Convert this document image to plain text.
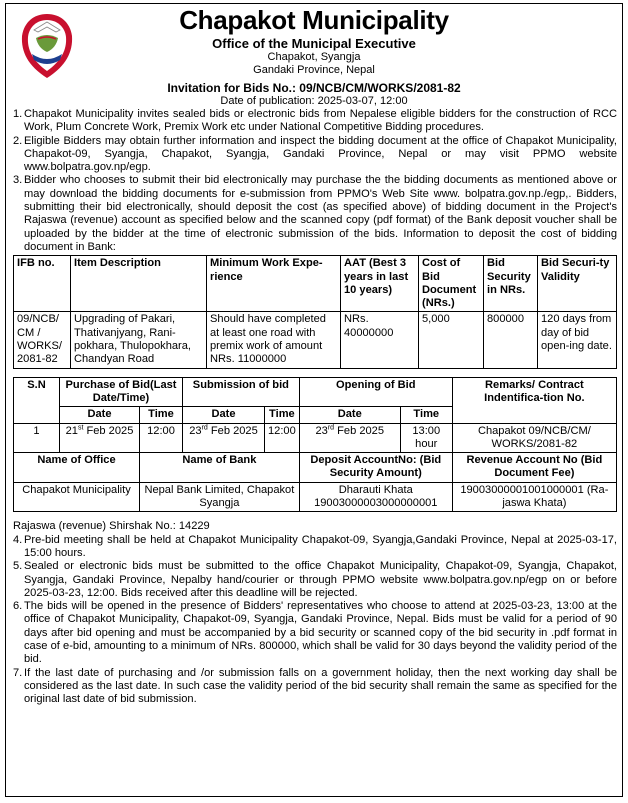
Chapakot Municipality
Office of the Municipal Executive
Chapakot, Syangja
Gandaki Province, Nepal
Invitation for Bids No.: 09/NCB/CM/WORKS/2081-82
Date of publication: 2025-03-07, 12:00
1. Chapakot Municipality invites sealed bids or electronic bids from Nepalese eligible bidders for the construction of RCC Work, Plum Concrete Work, Premix Work etc under National Competitive Bidding procedures.
2. Eligible Bidders may obtain further information and inspect the bidding document at the office of Chapakot Municipality, Chapakot-09, Syangja, Chapakot, Syangja, Gandaki Province, Nepal or may visit PPMO website www.bolpatra.gov.np/egp.
3. Bidder who chooses to submit their bid electronically may purchase the the bidding documents as mentioned above or may download the bidding documents for e-submission from PPMO's Web Site www. bolpatra.gov.np./egp,. Bidders, submitting their bid electronically, should deposit the cost (as specified above) of bidding document in the Project's Rajaswa (revenue) account as specified below and the scanned copy (pdf format) of the Bank deposit voucher shall be uploaded by the bidder at the time of electronic submission of the bids. Information to deposit the cost of bidding document in Bank:
IFB no.	Item Description	Minimum Work Expe-rience	AAT (Best 3 years in last 10 years)	Cost of Bid Document (NRs.)	Bid Security in NRs.	Bid Securi-ty Validity
09/NCB/ CM / WORKS/ 2081-82	Upgrading of Pakari, Thativanjyang, Rani-pokhara, Thulopokhara, Chandyan Road	Should have completed at least one road with premix work of amount NRs. 11000000	NRs. 40000000	5,000	800000	120 days from day of bid open-ing date.
S.N	Purchase of Bid(Last Date/Time)		Submission of bid		Opening of Bid		Remarks/ Contract Indentifica-tion No.
	Date	Time	Date	Time	Date	Time	
1	21st Feb 2025	12:00	23rd Feb 2025	12:00	23rd Feb 2025	13:00 hour	Chapakot 09/NCB/CM/ WORKS/2081-82
Name of Office		Name of Bank			Deposit AccountNo: (Bid Security Amount)		Revenue Account No (Bid Document Fee)
Chapakot Municipality		Nepal Bank Limited, Chapakot Syangja			Dharauti Khata 19003000003000000001		19003000001001000001 (Ra-jaswa Khata)
Rajaswa (revenue) Shirshak No.: 14229
4. Pre-bid meeting shall be held at Chapakot Municipality Chapakot-09, Syangja,Gandaki Province, Nepal at 2025-03-17, 15:00 hours.
5. Sealed or electronic bids must be submitted to the office Chapakot Municipality, Chapakot-09, Syangja, Chapakot, Syangja, Gandaki Province, Nepalby hand/courier or through PPMO website www.bolpatra.gov.np/egp on or before 2025-03-23, 12:00. Bids received after this deadline will be rejected.
6. The bids will be opened in the presence of Bidders' representatives who choose to attend at 2025-03-23, 13:00 at the office of Chapakot Municipality, Chapakot-09, Syangja, Gandaki Province, Nepal. Bids must be valid for a period of 90 days after bid opening and must be accompanied by a bid security or scanned copy of the bid security in .pdf format in case of e-bid, amounting to a minimum of NRs. 800000, which shall be valid for 30 days beyond the validity period of the bid.
7. If the last date of purchasing and /or submission falls on a government holiday, then the next working day shall be considered as the last date. In such case the validity period of the bid security shall remain the same as specified for the original last date of bid submission.
